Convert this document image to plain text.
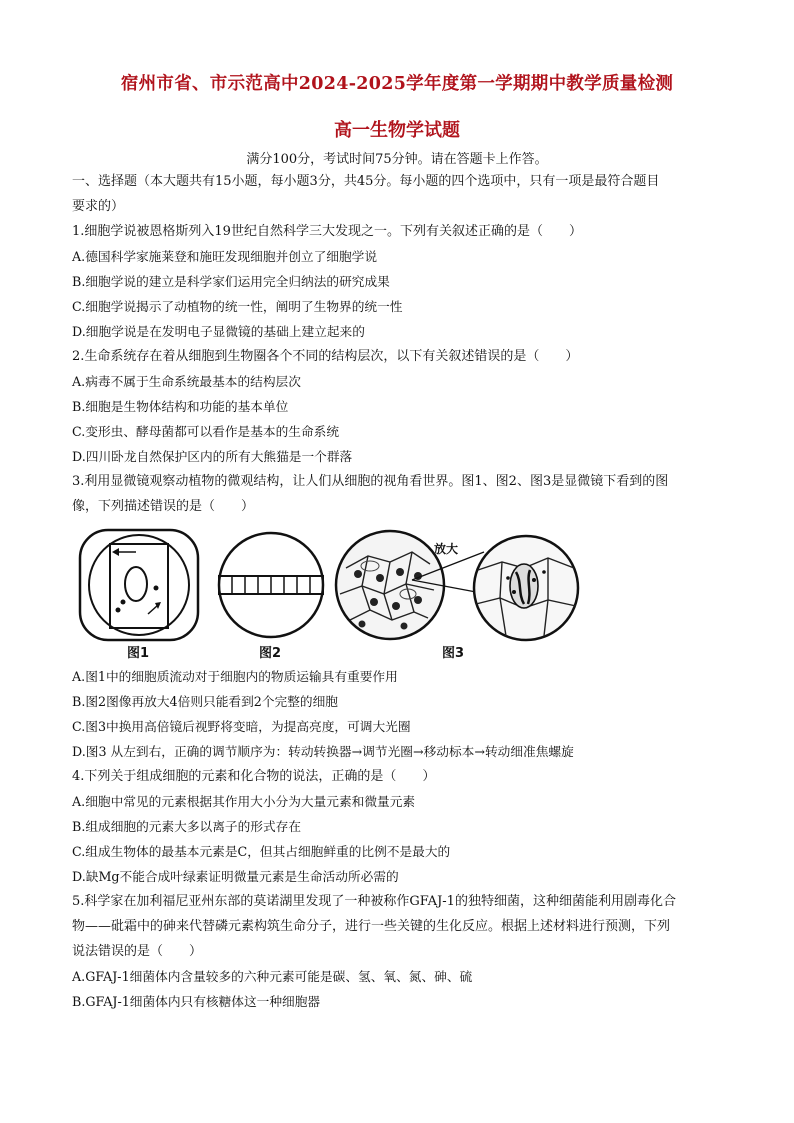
宿州市省、市示范高中2024-2025学年度第一学期期中教学质量检测
高一生物学试题
满分100分，考试时间75分钟。请在答题卡上作答。
一、选择题（本大题共有15小题，每小题3分，共45分。每小题的四个选项中，只有一项是最符合题目
要求的）
1.细胞学说被恩格斯列入19世纪自然科学三大发现之一。下列有关叙述正确的是（　　）
A.德国科学家施莱登和施旺发现细胞并创立了细胞学说
B.细胞学说的建立是科学家们运用完全归纳法的研究成果
C.细胞学说揭示了动植物的统一性，阐明了生物界的统一性
D.细胞学说是在发明电子显微镜的基础上建立起来的
2.生命系统存在着从细胞到生物圈各个不同的结构层次，以下有关叙述错误的是（　　）
A.病毒不属于生命系统最基本的结构层次
B.细胞是生物体结构和功能的基本单位
C.变形虫、酵母菌都可以看作是基本的生命系统
D.四川卧龙自然保护区内的所有大熊猫是一个群落
3.利用显微镜观察动植物的微观结构，让人们从细胞的视角看世界。图1、图2、图3是显微镜下看到的图
像，下列描述错误的是（　　）
放大
图1	图2	图3
A.图1中的细胞质流动对于细胞内的物质运输具有重要作用
B.图2图像再放大4倍则只能看到2个完整的细胞
C.图3中换用高倍镜后视野将变暗，为提高亮度，可调大光圈
D.图3 从左到右，正确的调节顺序为：转动转换器→调节光圈→移动标本→转动细准焦螺旋
4.下列关于组成细胞的元素和化合物的说法，正确的是（　　）
A.细胞中常见的元素根据其作用大小分为大量元素和微量元素
B.组成细胞的元素大多以离子的形式存在
C.组成生物体的最基本元素是C，但其占细胞鲜重的比例不是最大的
D.缺Mg不能合成叶绿素证明微量元素是生命活动所必需的
5.科学家在加利福尼亚州东部的莫诺湖里发现了一种被称作GFAJ-1的独特细菌，这种细菌能利用剧毒化合
物——砒霜中的砷来代替磷元素构筑生命分子，进行一些关键的生化反应。根据上述材料进行预测，下列
说法错误的是（　　）
A.GFAJ-1细菌体内含量较多的六种元素可能是碳、氢、氧、氮、砷、硫
B.GFAJ-1细菌体内只有核糖体这一种细胞器
